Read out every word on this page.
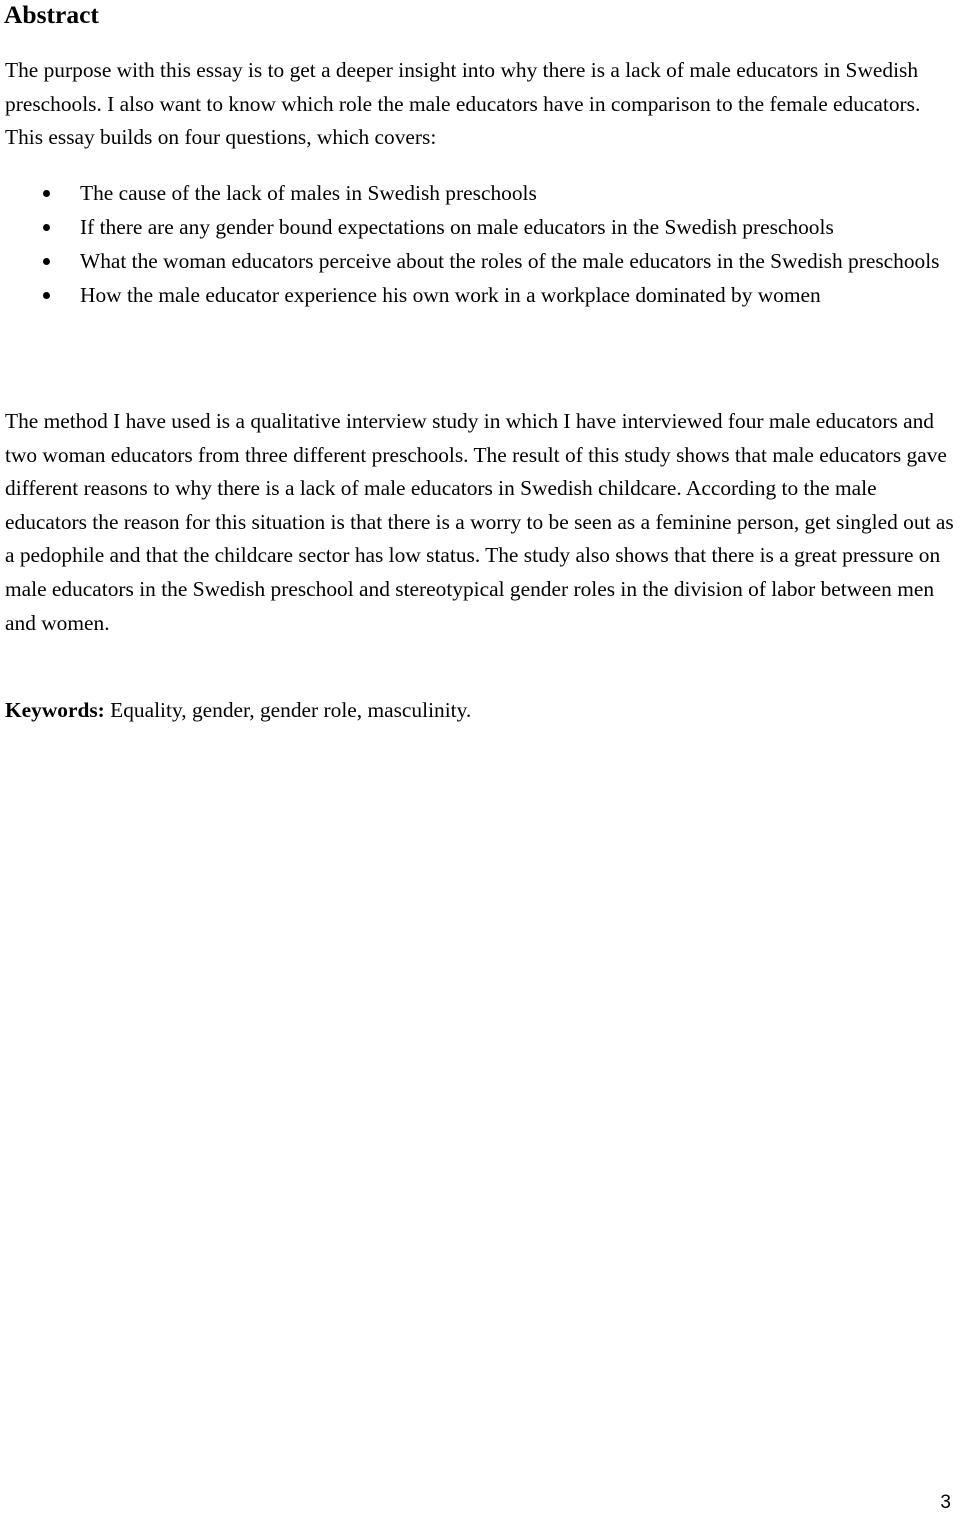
Abstract

The purpose with this essay is to get a deeper insight into why there is a lack of male educators in Swedish preschools. I also want to know which role the male educators have in comparison to the female educators. This essay builds on four questions, which covers:

The cause of the lack of males in Swedish preschools
If there are any gender bound expectations on male educators in the Swedish preschools
What the woman educators perceive about the roles of the male educators in the Swedish preschools
How the male educator experience his own work in a workplace dominated by women

The method I have used is a qualitative interview study in which I have interviewed four male educators and two woman educators from three different preschools. The result of this study shows that male educators gave different reasons to why there is a lack of male educators in Swedish childcare. According to the male educators the reason for this situation is that there is a worry to be seen as a feminine person, get singled out as a pedophile and that the childcare sector has low status. The study also shows that there is a great pressure on male educators in the Swedish preschool and stereotypical gender roles in the division of labor between men and women.

Keywords: Equality, gender, gender role, masculinity.

3
